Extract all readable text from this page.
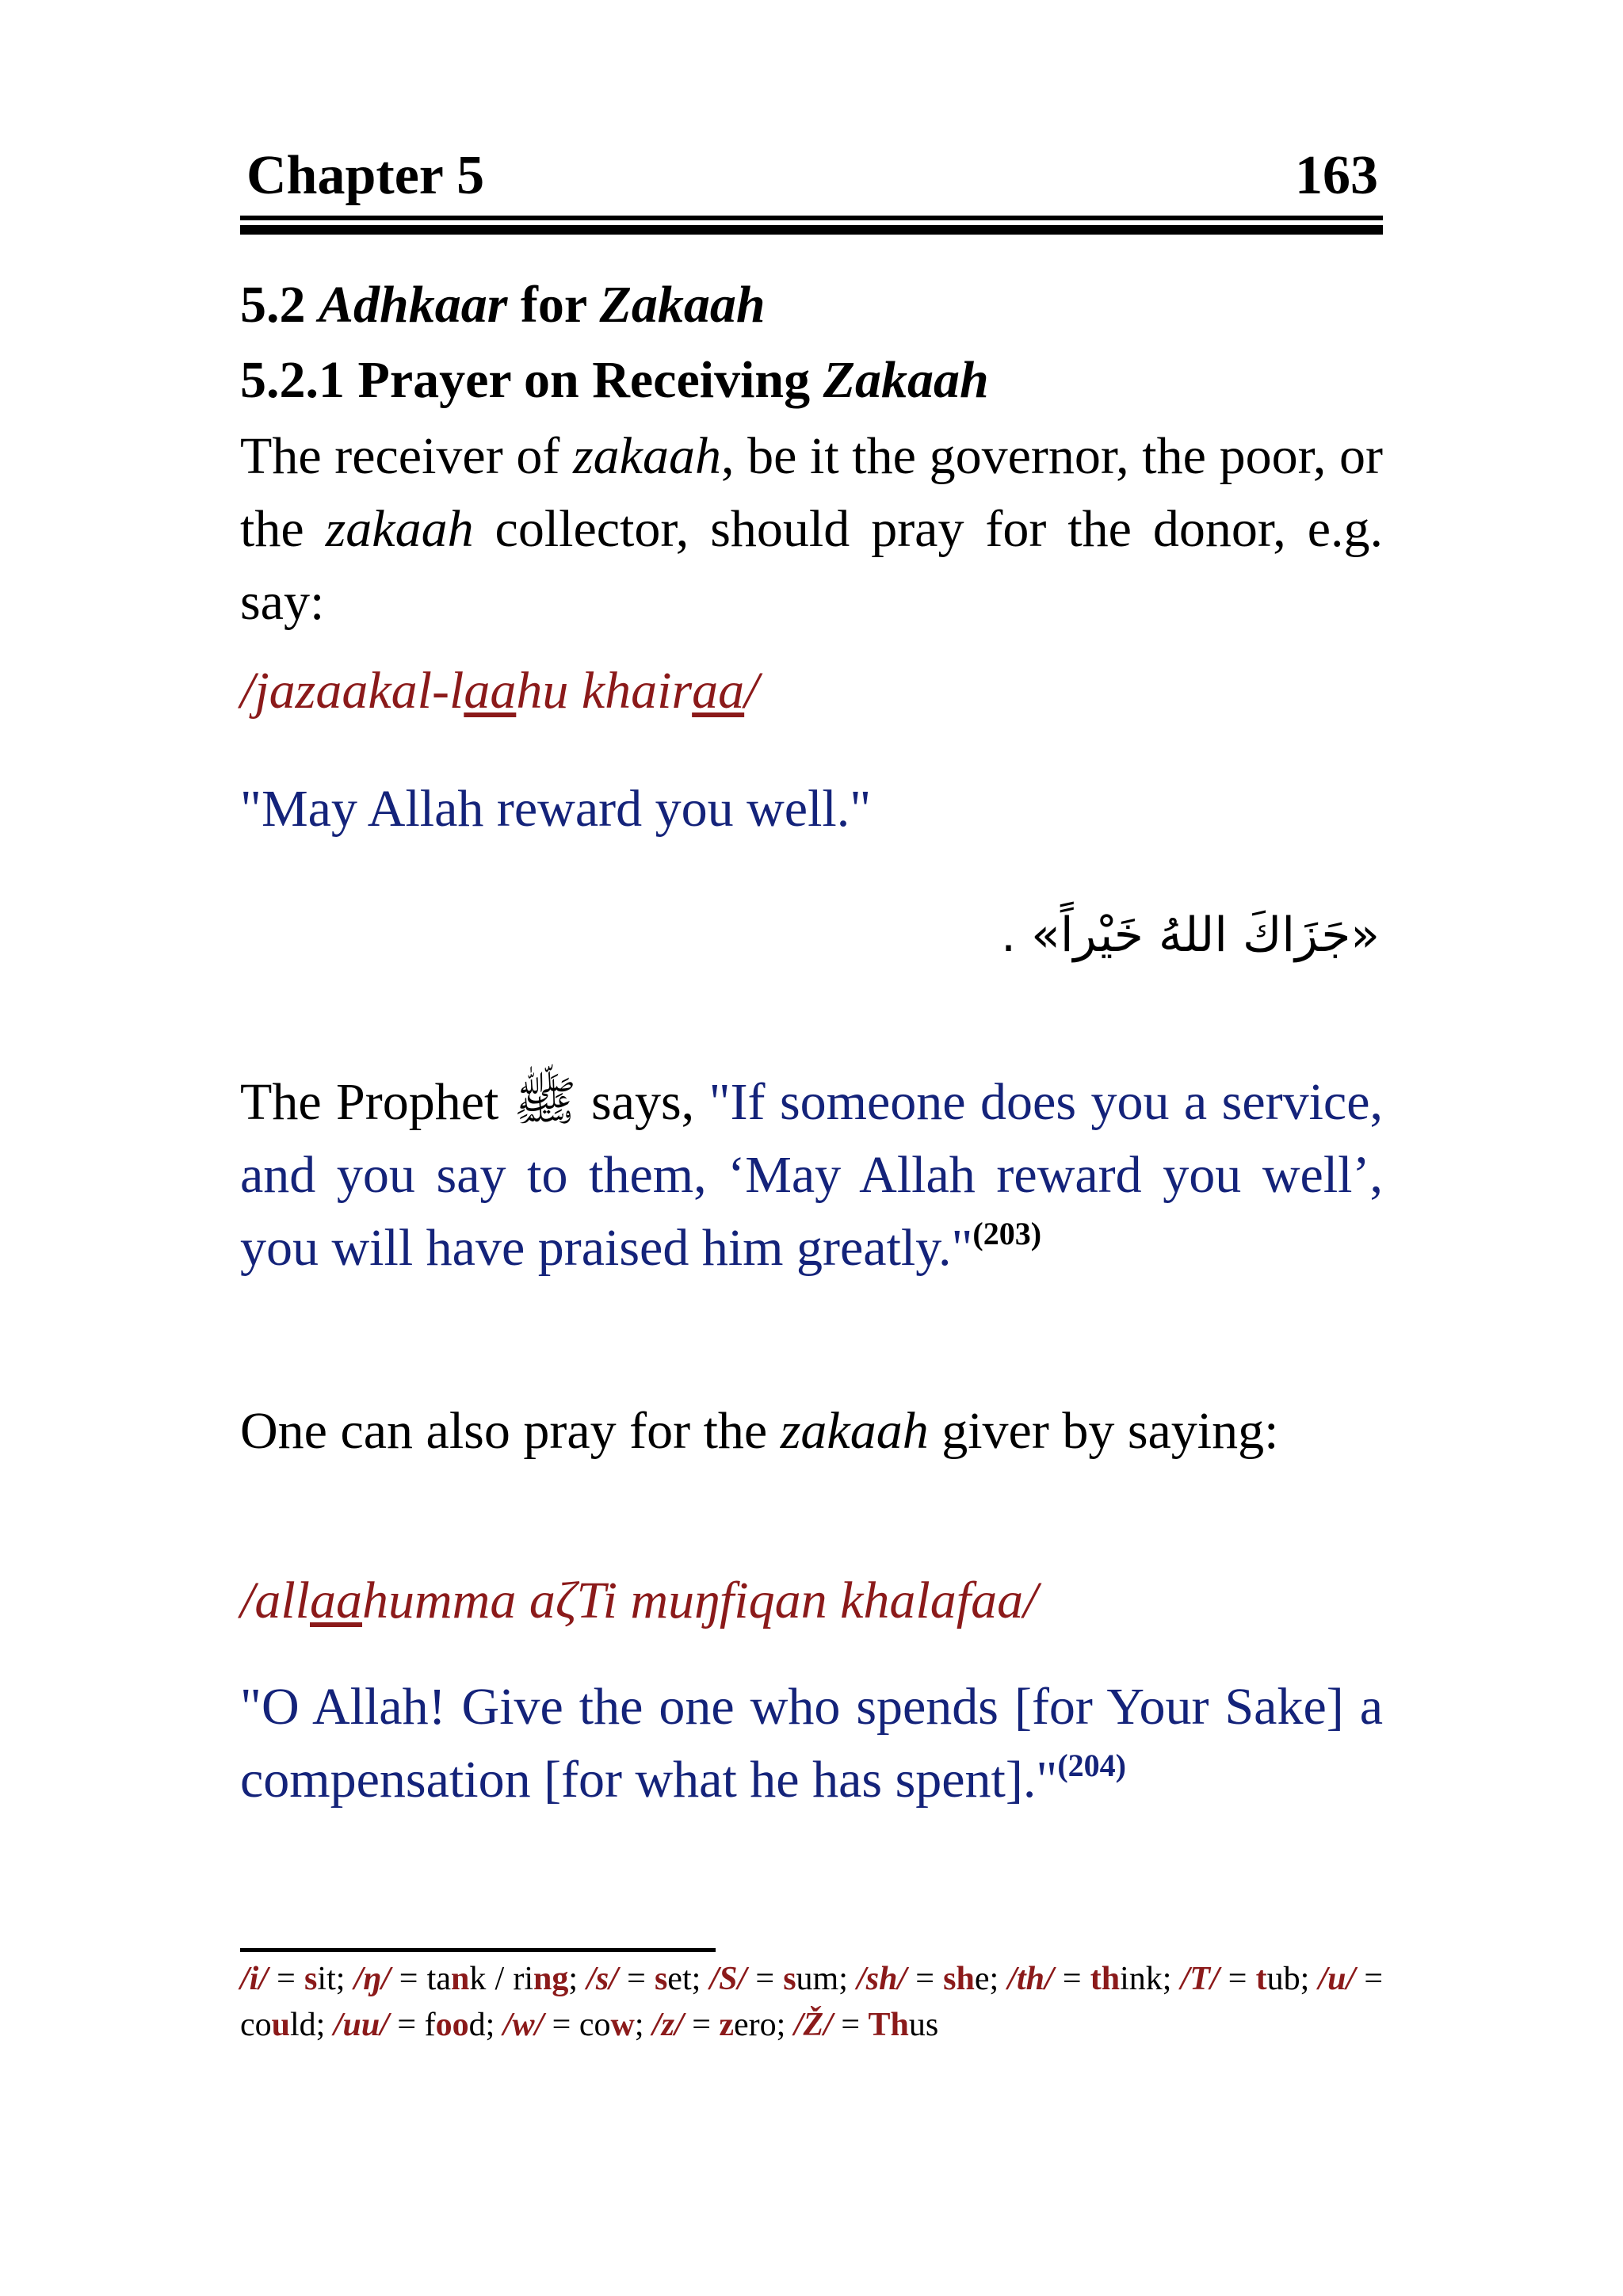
Chapter 5	163
5.2 Adhkaar for Zakaah
5.2.1 Prayer on Receiving Zakaah
The receiver of zakaah, be it the governor, the poor, or the zakaah collector, should pray for the donor, e.g. say:
/jazaakal-laahu khairaa/
"May Allah reward you well."
«جَزَاكَ اللهُ خَيْراً» .
The Prophet ﷺ says, "If someone does you a service, and you say to them, ‘May Allah reward you well’, you will have praised him greatly."$^{(203)}$
One can also pray for the zakaah giver by saying:
/allaahumma aζTi muŋfiqan khalafaa/
"O Allah! Give the one who spends [for Your Sake] a compensation [for what he has spent]."$^{(204)}$
/i/ = sit; /ŋ/ = tank / ring; /s/ = set; /S/ = sum; /sh/ = she; /th/ = think; /T/ = tub; /u/ = could; /uu/ = food; /w/ = cow; /z/ = zero; /Ž/ = Thus
